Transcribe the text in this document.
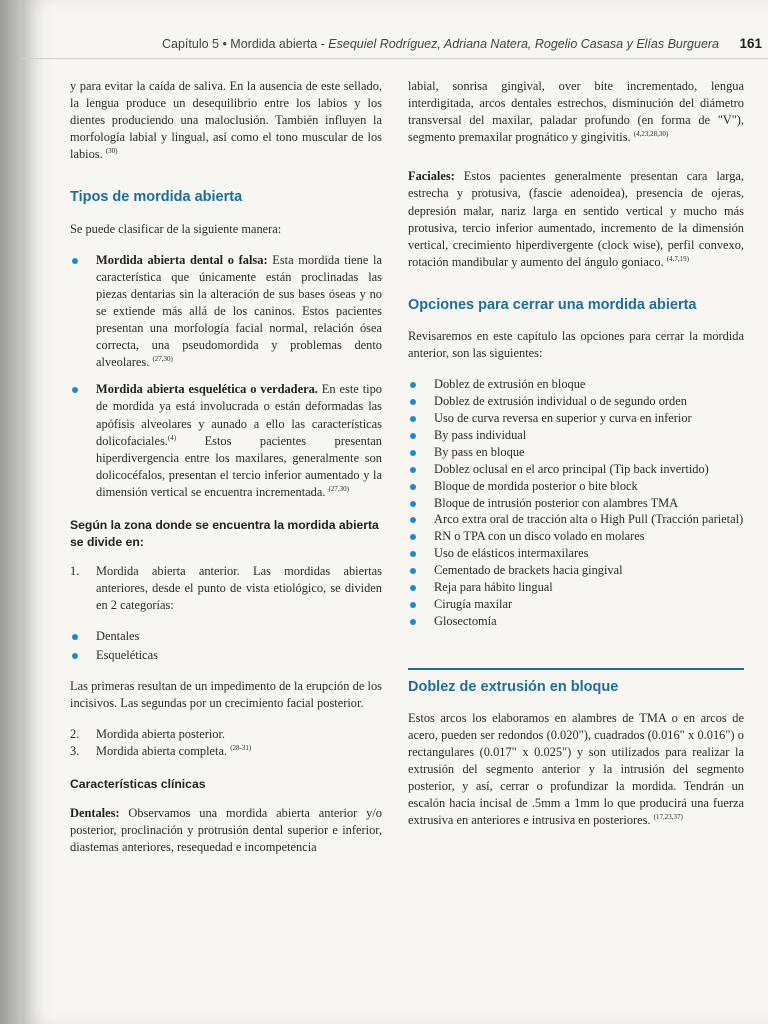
Capítulo 5 • Mordida abierta - Esequiel Rodríguez, Adriana Natera, Rogelio Casasa y Elías Burguera 161

y para evitar la caída de saliva. En la ausencia de este sellado, la lengua produce un desequilibrio entre los labios y los dientes produciendo una maloclusión. También influyen la morfología labial y lingual, así como el tono muscular de los labios. $^{(30)}$

Tipos de mordida abierta

Se puede clasificar de la siguiente manera:

Mordida abierta dental o falsa: Esta mordida tiene la característica que únicamente están proclinadas las piezas dentarias sin la alteración de sus bases óseas y no se extiende más allá de los caninos. Estos pacientes presentan una morfología facial normal, relación ósea correcta, una pseudomordida y problemas dento alveolares. $^{(27,30)}$
Mordida abierta esquelética o verdadera. En este tipo de mordida ya está involucrada o están deformadas las apófisis alveolares y aunado a ello las características dolicofaciales.$^{(4)}$ Estos pacientes presentan hiperdivergencia entre los maxilares, generalmente son dolicocéfalos, presentan el tercio inferior aumentado y la dimensión vertical se encuentra incrementada. $^{(27,30)}$
Según la zona donde se encuentra la mordida abierta se divide en:
1. Mordida abierta anterior. Las mordidas abiertas anteriores, desde el punto de vista etiológico, se dividen en 2 categorías:
Dentales
Esqueléticas

Las primeras resultan de un impedimento de la erupción de los incisivos. Las segundas por un crecimiento facial posterior.

2. Mordida abierta posterior.
3. Mordida abierta completa. $^{(28-31)}$
Características clínicas

Dentales: Observamos una mordida abierta anterior y/o posterior, proclinación y protrusión dental superior e inferior, diastemas anteriores, resequedad e incompetencia

labial, sonrisa gingival, over bite incrementado, lengua interdigitada, arcos dentales estrechos, disminución del diámetro transversal del maxilar, paladar profundo (en forma de "V"), segmento premaxilar prognático y gingivitis. $^{(4,23,28,30)}$

Faciales: Estos pacientes generalmente presentan cara larga, estrecha y protusiva, (fascie adenoidea), presencia de ojeras, depresión malar, nariz larga en sentido vertical y mucho más protusiva, tercio inferior aumentado, incremento de la dimensión vertical, crecimiento hiperdivergente (clock wise), perfil convexo, rotación mandibular y aumento del ángulo goniaco. $^{(4,7,19)}$

Opciones para cerrar una mordida abierta

Revisaremos en este capítulo las opciones para cerrar la mordida anterior, son las siguientes:

Doblez de extrusión en bloque
Doblez de extrusión individual o de segundo orden
Uso de curva reversa en superior y curva en inferior
By pass individual
By pass en bloque
Doblez oclusal en el arco principal (Tip back invertido)
Bloque de mordida posterior o bite block
Bloque de intrusión posterior con alambres TMA
Arco extra oral de tracción alta o High Pull (Tracción parietal)
RN o TPA con un disco volado en molares
Uso de elásticos intermaxilares
Cementado de brackets hacia gingival
Reja para hábito lingual
Cirugía maxilar
Glosectomía
Doblez de extrusión en bloque

Estos arcos los elaboramos en alambres de TMA o en arcos de acero, pueden ser redondos (0.020"), cuadrados (0.016" x 0.016") o rectangulares (0.017" x 0.025") y son utilizados para realizar la extrusión del segmento anterior y la intrusión del segmento posterior, y así, cerrar o profundizar la mordida. Tendrán un escalón hacia incisal de .5mm a 1mm lo que producirá una fuerza extrusiva en anteriores e intrusiva en posteriores. $^{(17,23,37)}$
